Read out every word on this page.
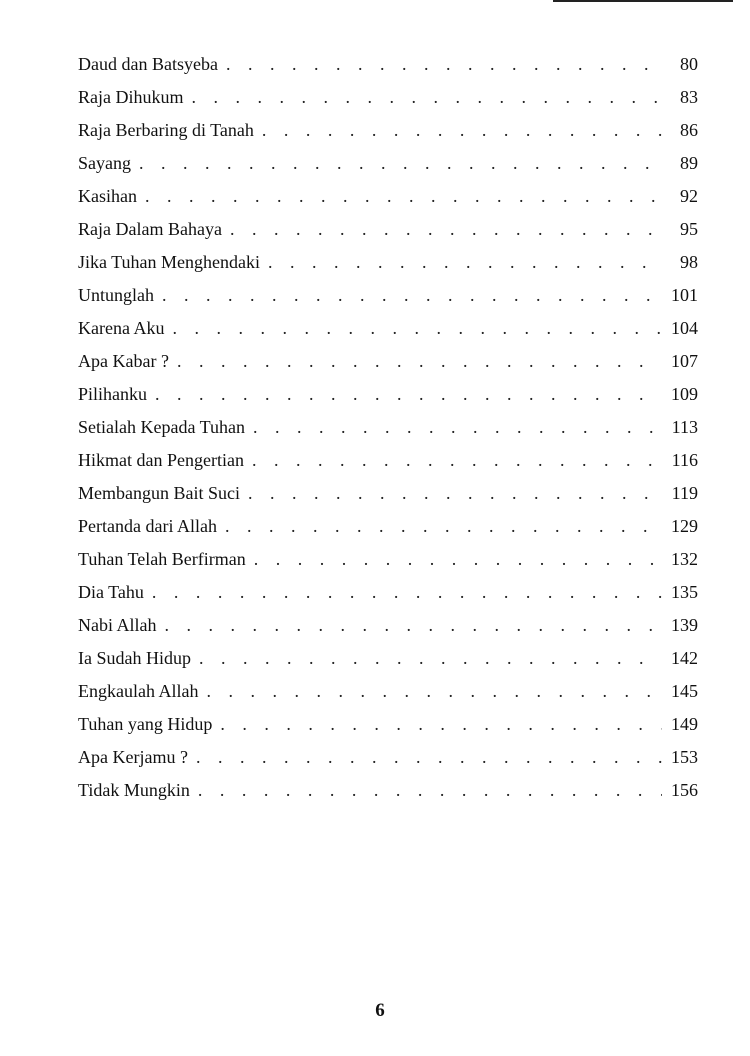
Daud dan Batsyeba . . .	80
Raja Dihukum . . .	83
Raja Berbaring di Tanah . . .	86
Sayang . . .	89
Kasihan . . .	92
Raja Dalam Bahaya . . .	95
Jika Tuhan Menghendaki . . .	98
Untunglah . . .	101
Karena Aku . . .	104
Apa Kabar ? . . .	107
Pilihanku . . .	109
Setialah Kepada Tuhan . . .	113
Hikmat dan Pengertian . . .	116
Membangun Bait Suci . . .	119
Pertanda dari Allah . . .	129
Tuhan Telah Berfirman . . .	132
Dia Tahu . . .	135
Nabi Allah . . .	139
Ia Sudah Hidup . . .	142
Engkaulah Allah . . .	145
Tuhan yang Hidup . . .	149
Apa Kerjamu ? . . .	153
Tidak Mungkin . . .	156
6
